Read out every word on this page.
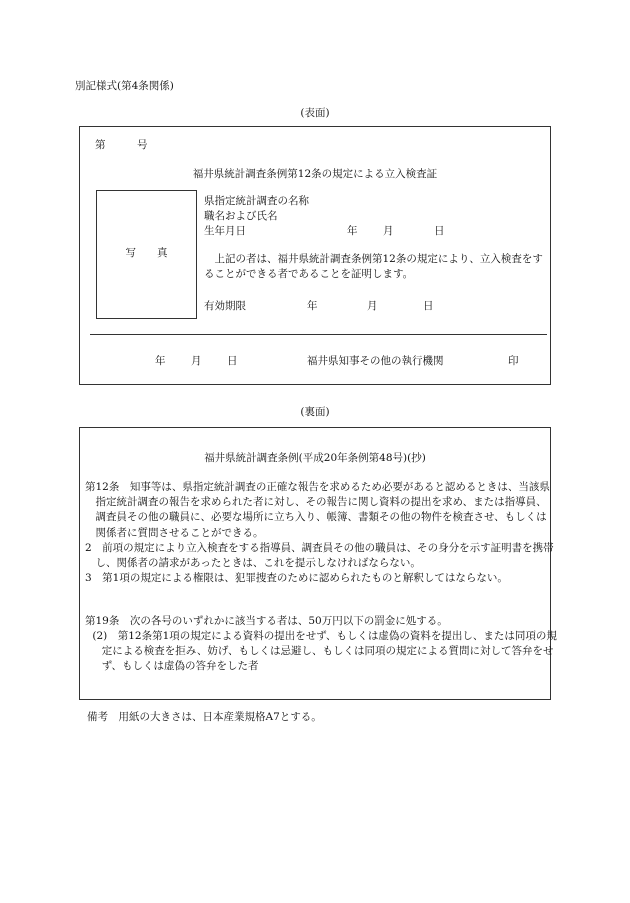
別記様式(第4条関係)
(表面)
第　　　号
福井県統計調査条例第12条の規定による立入検査証
写　　真
県指定統計調査の名称
職名および氏名
生年月日	年 月	日
上記の者は、福井県統計調査条例第12条の規定により、立入検査をすることができる者であることを証明します。
有効期限	年	月	日
年 月 日	福井県知事その他の執行機関	印
(裏面)
福井県統計調査条例(平成20年条例第48号)(抄)
第12条　知事等は、県指定統計調査の正確な報告を求めるため必要があると認めるときは、当該県指定統計調査の報告を求められた者に対し、その報告に関し資料の提出を求め、または指導員、調査員その他の職員に、必要な場所に立ち入り、帳簿、書類その他の物件を検査させ、もしくは関係者に質問させることができる。
2　前項の規定により立入検査をする指導員、調査員その他の職員は、その身分を示す証明書を携帯し、関係者の請求があったときは、これを提示しなければならない。
3　第1項の規定による権限は、犯罪捜査のために認められたものと解釈してはならない。
第19条　次の各号のいずれかに該当する者は、50万円以下の罰金に処する。
(2)　第12条第1項の規定による資料の提出をせず、もしくは虚偽の資料を提出し、または同項の規定による検査を拒み、妨げ、もしくは忌避し、もしくは同項の規定による質問に対して答弁をせず、もしくは虚偽の答弁をした者
備考　用紙の大きさは、日本産業規格A7とする。
